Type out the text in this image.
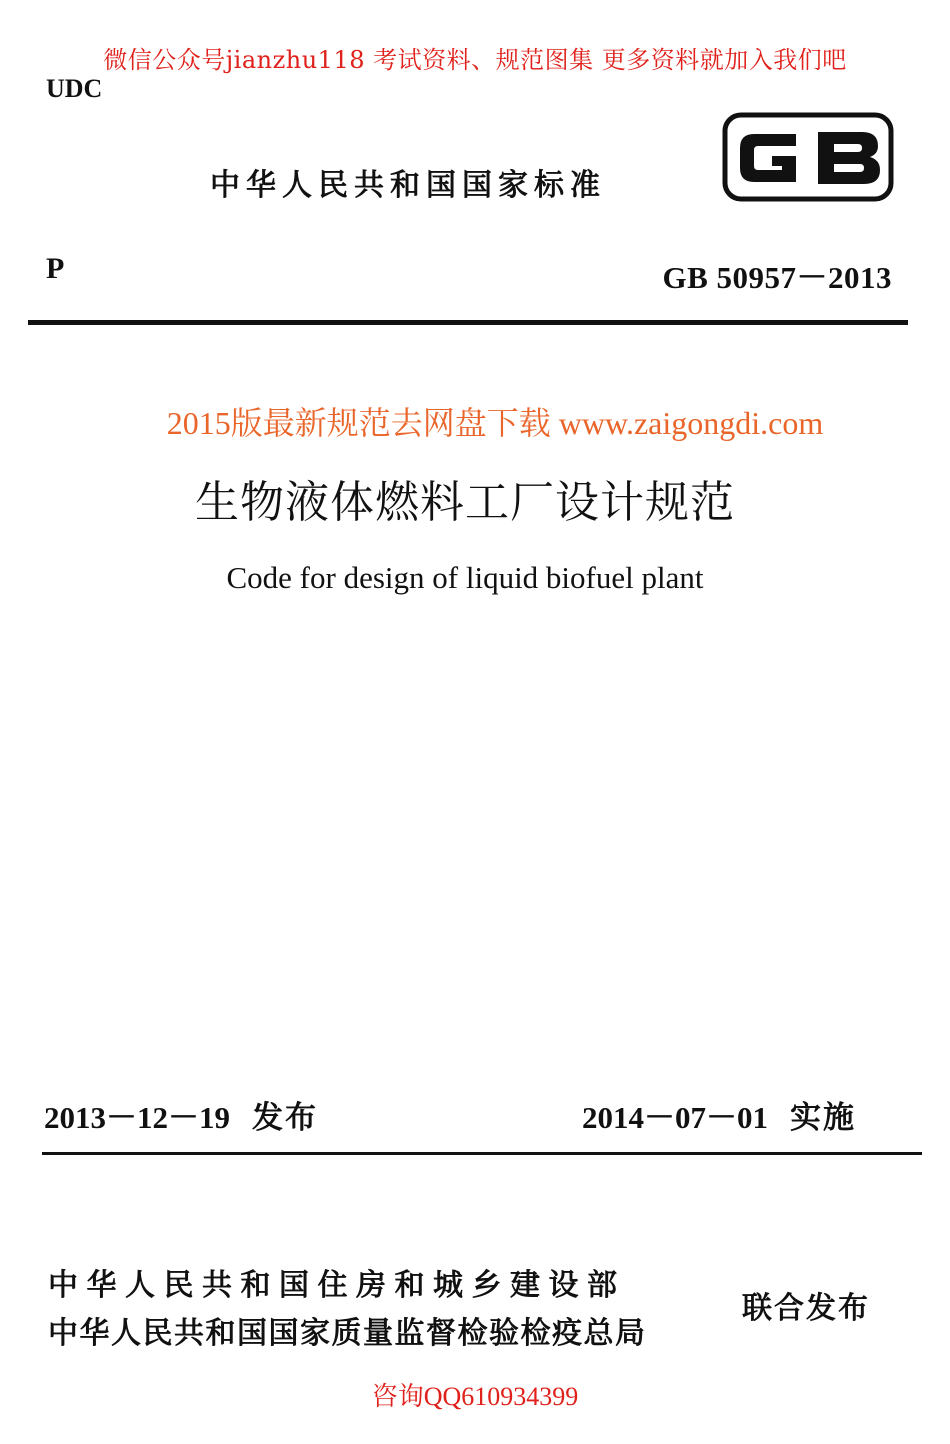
微信公众号jianzhu118 考试资料、规范图集 更多资料就加入我们吧
UDC
中华人民共和国国家标准
P	GB 50957－2013
2015版最新规范去网盘下载 www.zaigongdi.com
生物液体燃料工厂设计规范
Code for design of liquid biofuel plant
2013－12－19 发布	2014－07－01 实施
中华人民共和国住房和城乡建设部
中华人民共和国国家质量监督检验检疫总局
联合发布
咨询QQ610934399
